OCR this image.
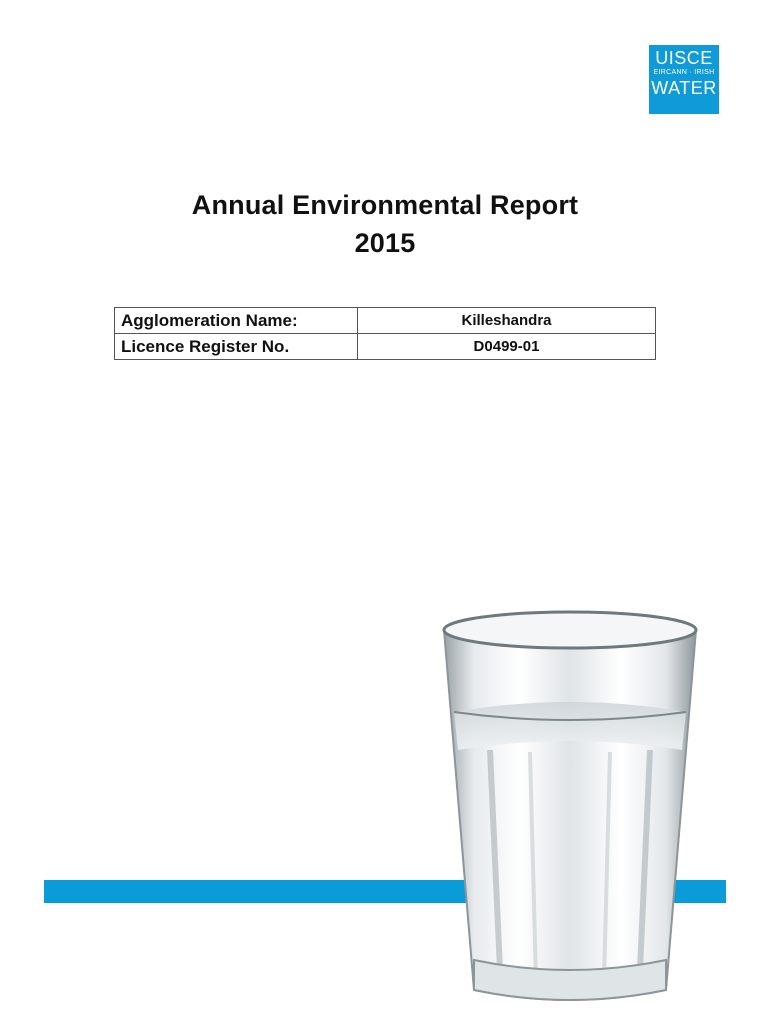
UISCE
EIRCANN · IRISH
WATER
Annual Environmental Report
2015
Agglomeration Name:	Killeshandra
Licence Register No.	D0499-01
